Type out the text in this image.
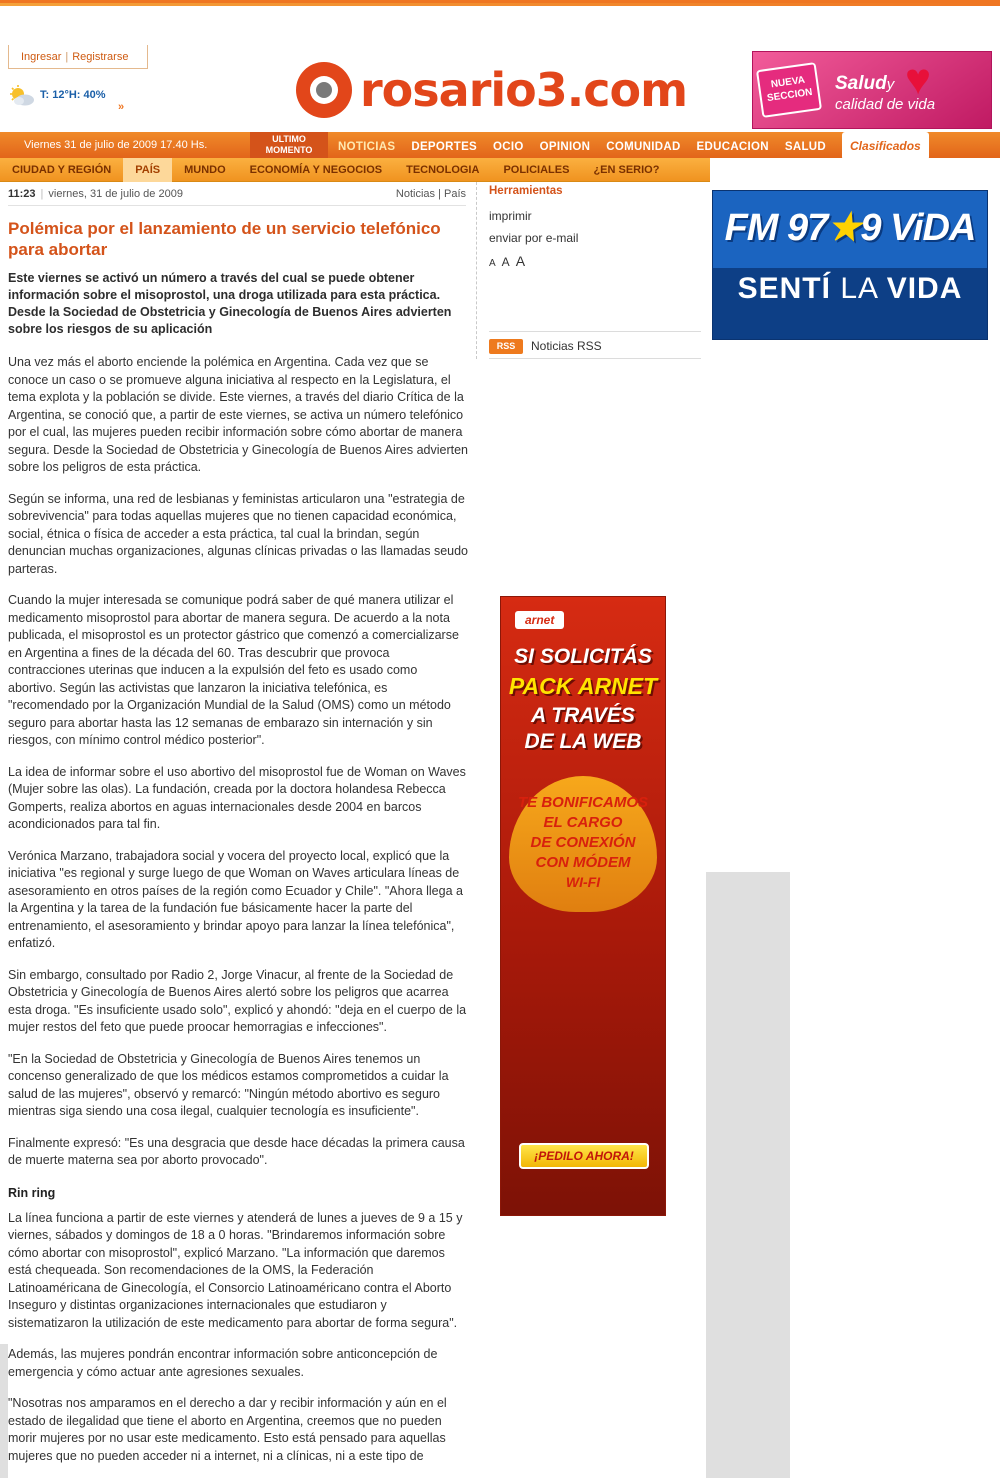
Ingresar | Registrarse
T: 12°H: 40%
»	rosario3.com	NUEVA
SECCION
Saludy
calidad de vida
♥
Viernes 31 de julio de 2009 17.40 Hs.	ULTIMO
MOMENTO	NOTICIAS DEPORTES OCIO OPINION COMUNIDAD EDUCACION SALUD Clasificados
CIUDAD Y REGIÓN PAÍS MUNDO ECONOMÍA Y NEGOCIOS TECNOLOGIA POLICIALES ¿EN SERIO?
11:23 | viernes, 31 de julio de 2009	Noticias | País
Polémica por el lanzamiento de un servicio telefónico para abortar

Este viernes se activó un número a través del cual se puede obtener información sobre el misoprostol, una droga utilizada para esta práctica. Desde la Sociedad de Obstetricia y Ginecología de Buenos Aires advierten sobre los riesgos de su aplicación

Una vez más el aborto enciende la polémica en Argentina. Cada vez que se conoce un caso o se promueve alguna iniciativa al respecto en la Legislatura, el tema explota y la población se divide. Este viernes, a través del diario Crítica de la Argentina, se conoció que, a partir de este viernes, se activa un número telefónico por el cual, las mujeres pueden recibir información sobre cómo abortar de manera segura. Desde la Sociedad de Obstetricia y Ginecología de Buenos Aires advierten sobre los peligros de esta práctica.

Según se informa, una red de lesbianas y feministas articularon una "estrategia de sobrevivencia" para todas aquellas mujeres que no tienen capacidad económica, social, étnica o física de acceder a esta práctica, tal cual la brindan, según denuncian muchas organizaciones, algunas clínicas privadas o las llamadas seudo parteras.

Cuando la mujer interesada se comunique podrá saber de qué manera utilizar el medicamento misoprostol para abortar de manera segura. De acuerdo a la nota publicada, el misoprostol es un protector gástrico que comenzó a comercializarse en Argentina a fines de la década del 60. Tras descubrir que provoca contracciones uterinas que inducen a la expulsión del feto es usado como abortivo. Según las activistas que lanzaron la iniciativa telefónica, es "recomendado por la Organización Mundial de la Salud (OMS) como un método seguro para abortar hasta las 12 semanas de embarazo sin internación y sin riesgos, con mínimo control médico posterior".

La idea de informar sobre el uso abortivo del misoprostol fue de Woman on Waves (Mujer sobre las olas). La fundación, creada por la doctora holandesa Rebecca Gomperts, realiza abortos en aguas internacionales desde 2004 en barcos acondicionados para tal fin.

Verónica Marzano, trabajadora social y vocera del proyecto local, explicó que la iniciativa "es regional y surge luego de que Woman on Waves articulara líneas de asesoramiento en otros países de la región como Ecuador y Chile". "Ahora llega a la Argentina y la tarea de la fundación fue básicamente hacer la parte del entrenamiento, el asesoramiento y brindar apoyo para lanzar la línea telefónica", enfatizó.

Sin embargo, consultado por Radio 2, Jorge Vinacur, al frente de la Sociedad de Obstetricia y Ginecología de Buenos Aires alertó sobre los peligros que acarrea esta droga. "Es insuficiente usado solo", explicó y ahondó: "deja en el cuerpo de la mujer restos del feto que puede proocar hemorragias e infecciones".

"En la Sociedad de Obstetricia y Ginecología de Buenos Aires tenemos un concenso generalizado de que los médicos estamos comprometidos a cuidar la salud de las mujeres", observó y remarcó: "Ningún método abortivo es seguro mientras siga siendo una cosa ilegal, cualquier tecnología es insuficiente".

Finalmente expresó: "Es una desgracia que desde hace décadas la primera causa de muerte materna sea por aborto provocado".

Rin ring

La línea funciona a partir de este viernes y atenderá de lunes a jueves de 9 a 15 y viernes, sábados y domingos de 18 a 0 horas. "Brindaremos información sobre cómo abortar con misoprostol", explicó Marzano. "La información que daremos está chequeada. Son recomendaciones de la OMS, la Federación Latinoaméricana de Ginecología, el Consorcio Latinoaméricano contra el Aborto Inseguro y distintas organizaciones internacionales que estudiaron y sistematizaron la utilización de este medicamento para abortar de forma segura".

Además, las mujeres pondrán encontrar información sobre anticoncepción de emergencia y cómo actuar ante agresiones sexuales.

"Nosotras nos amparamos en el derecho a dar y recibir información y aún en el estado de ilegalidad que tiene el aborto en Argentina, creemos que no pueden morir mujeres por no usar este medicamento. Esto está pensado para aquellas mujeres que no pueden acceder ni a internet, ni a clínicas, ni a este tipo de

Herramientas
imprimir
enviar por e-mail
A A A
RSS Noticias RSS
FM 97★9 ViDA
SENTÍ LA VIDA
arnet
SI SOLICITÁS
PACK ARNET
A TRAVÉS
DE LA WEB
TE BONIFICAMOS
EL CARGO
DE CONEXIÓN
CON MÓDEM
WI-FI
¡PEDILO AHORA!
